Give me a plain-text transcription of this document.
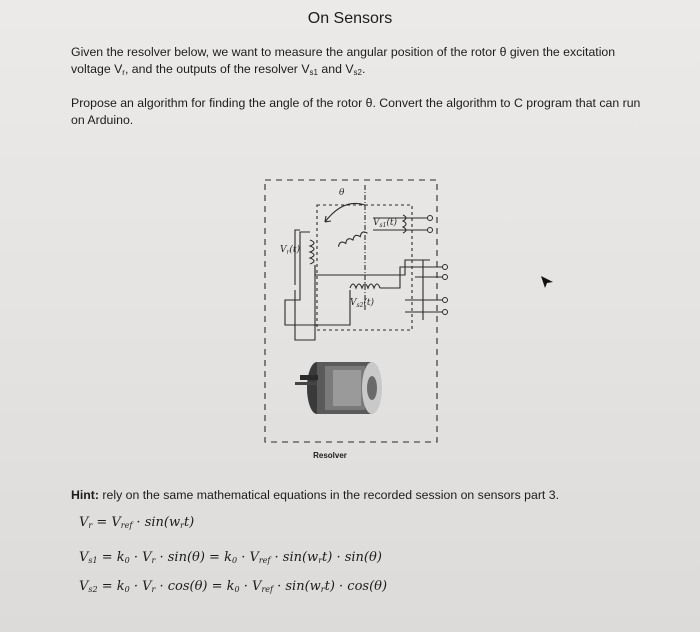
On Sensors
Given the resolver below, we want to measure the angular position of the rotor θ given the excitation voltage $V_r$, and the outputs of the resolver $V_{s1}$ and $V_{s2}$.
Propose an algorithm for finding the angle of the rotor θ. Convert the algorithm to C program that can run on Arduino.
θ
$V_{s1}(t)$
$V_r(t)$
$V_{s2}(t)$
Resolver
Hint: rely on the same mathematical equations in the recorded session on sensors part 3.
Vr = Vref · sin(wrt)
Vs1 = k0 · Vr · sin(θ) = k0 · Vref · sin(wrt) · sin(θ)
Vs2 = k0 · Vr · cos(θ) = k0 · Vref · sin(wrt) · cos(θ)
